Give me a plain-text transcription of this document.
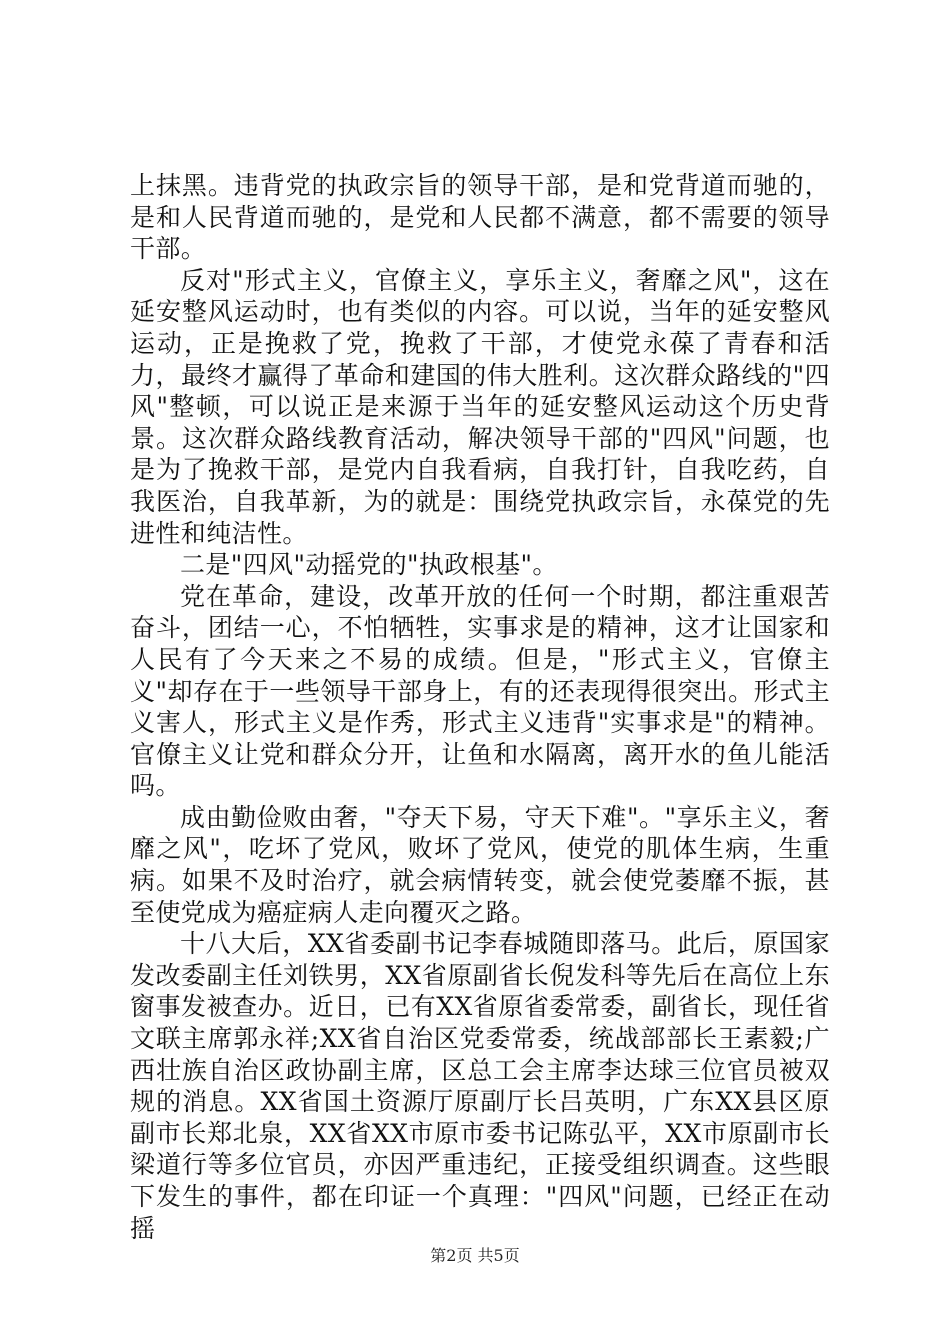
上抹黑。违背党的执政宗旨的领导干部，是和党背道而驰的，是和人民背道而驰的，是党和人民都不满意，都不需要的领导干部。

反对"形式主义，官僚主义，享乐主义，奢靡之风"，这在延安整风运动时，也有类似的内容。可以说，当年的延安整风运动，正是挽救了党，挽救了干部，才使党永葆了青春和活力，最终才赢得了革命和建国的伟大胜利。这次群众路线的"四风"整顿，可以说正是来源于当年的延安整风运动这个历史背景。这次群众路线教育活动，解决领导干部的"四风"问题，也是为了挽救干部，是党内自我看病，自我打针，自我吃药，自我医治，自我革新，为的就是：围绕党执政宗旨，永葆党的先进性和纯洁性。

二是"四风"动摇党的"执政根基"。

党在革命，建设，改革开放的任何一个时期，都注重艰苦奋斗，团结一心，不怕牺牲，实事求是的精神，这才让国家和人民有了今天来之不易的成绩。但是，"形式主义，官僚主义"却存在于一些领导干部身上，有的还表现得很突出。形式主义害人，形式主义是作秀，形式主义违背"实事求是"的精神。官僚主义让党和群众分开，让鱼和水隔离，离开水的鱼儿能活吗。

成由勤俭败由奢，"夺天下易，守天下难"。"享乐主义，奢靡之风"，吃坏了党风，败坏了党风，使党的肌体生病，生重病。如果不及时治疗，就会病情转变，就会使党萎靡不振，甚至使党成为癌症病人走向覆灭之路。

十八大后，XX省委副书记李春城随即落马。此后，原国家发改委副主任刘铁男，XX省原副省长倪发科等先后在高位上东窗事发被查办。近日，已有XX省原省委常委，副省长，现任省文联主席郭永祥;XX省自治区党委常委，统战部部长王素毅;广西壮族自治区政协副主席，区总工会主席李达球三位官员被双规的消息。XX省国土资源厅原副厅长吕英明，广东XX县区原副市长郑北泉，XX省XX市原市委书记陈弘平，XX市原副市长梁道行等多位官员，亦因严重违纪，正接受组织调查。这些眼下发生的事件，都在印证一个真理："四风"问题，已经正在动摇

第2页 共5页
